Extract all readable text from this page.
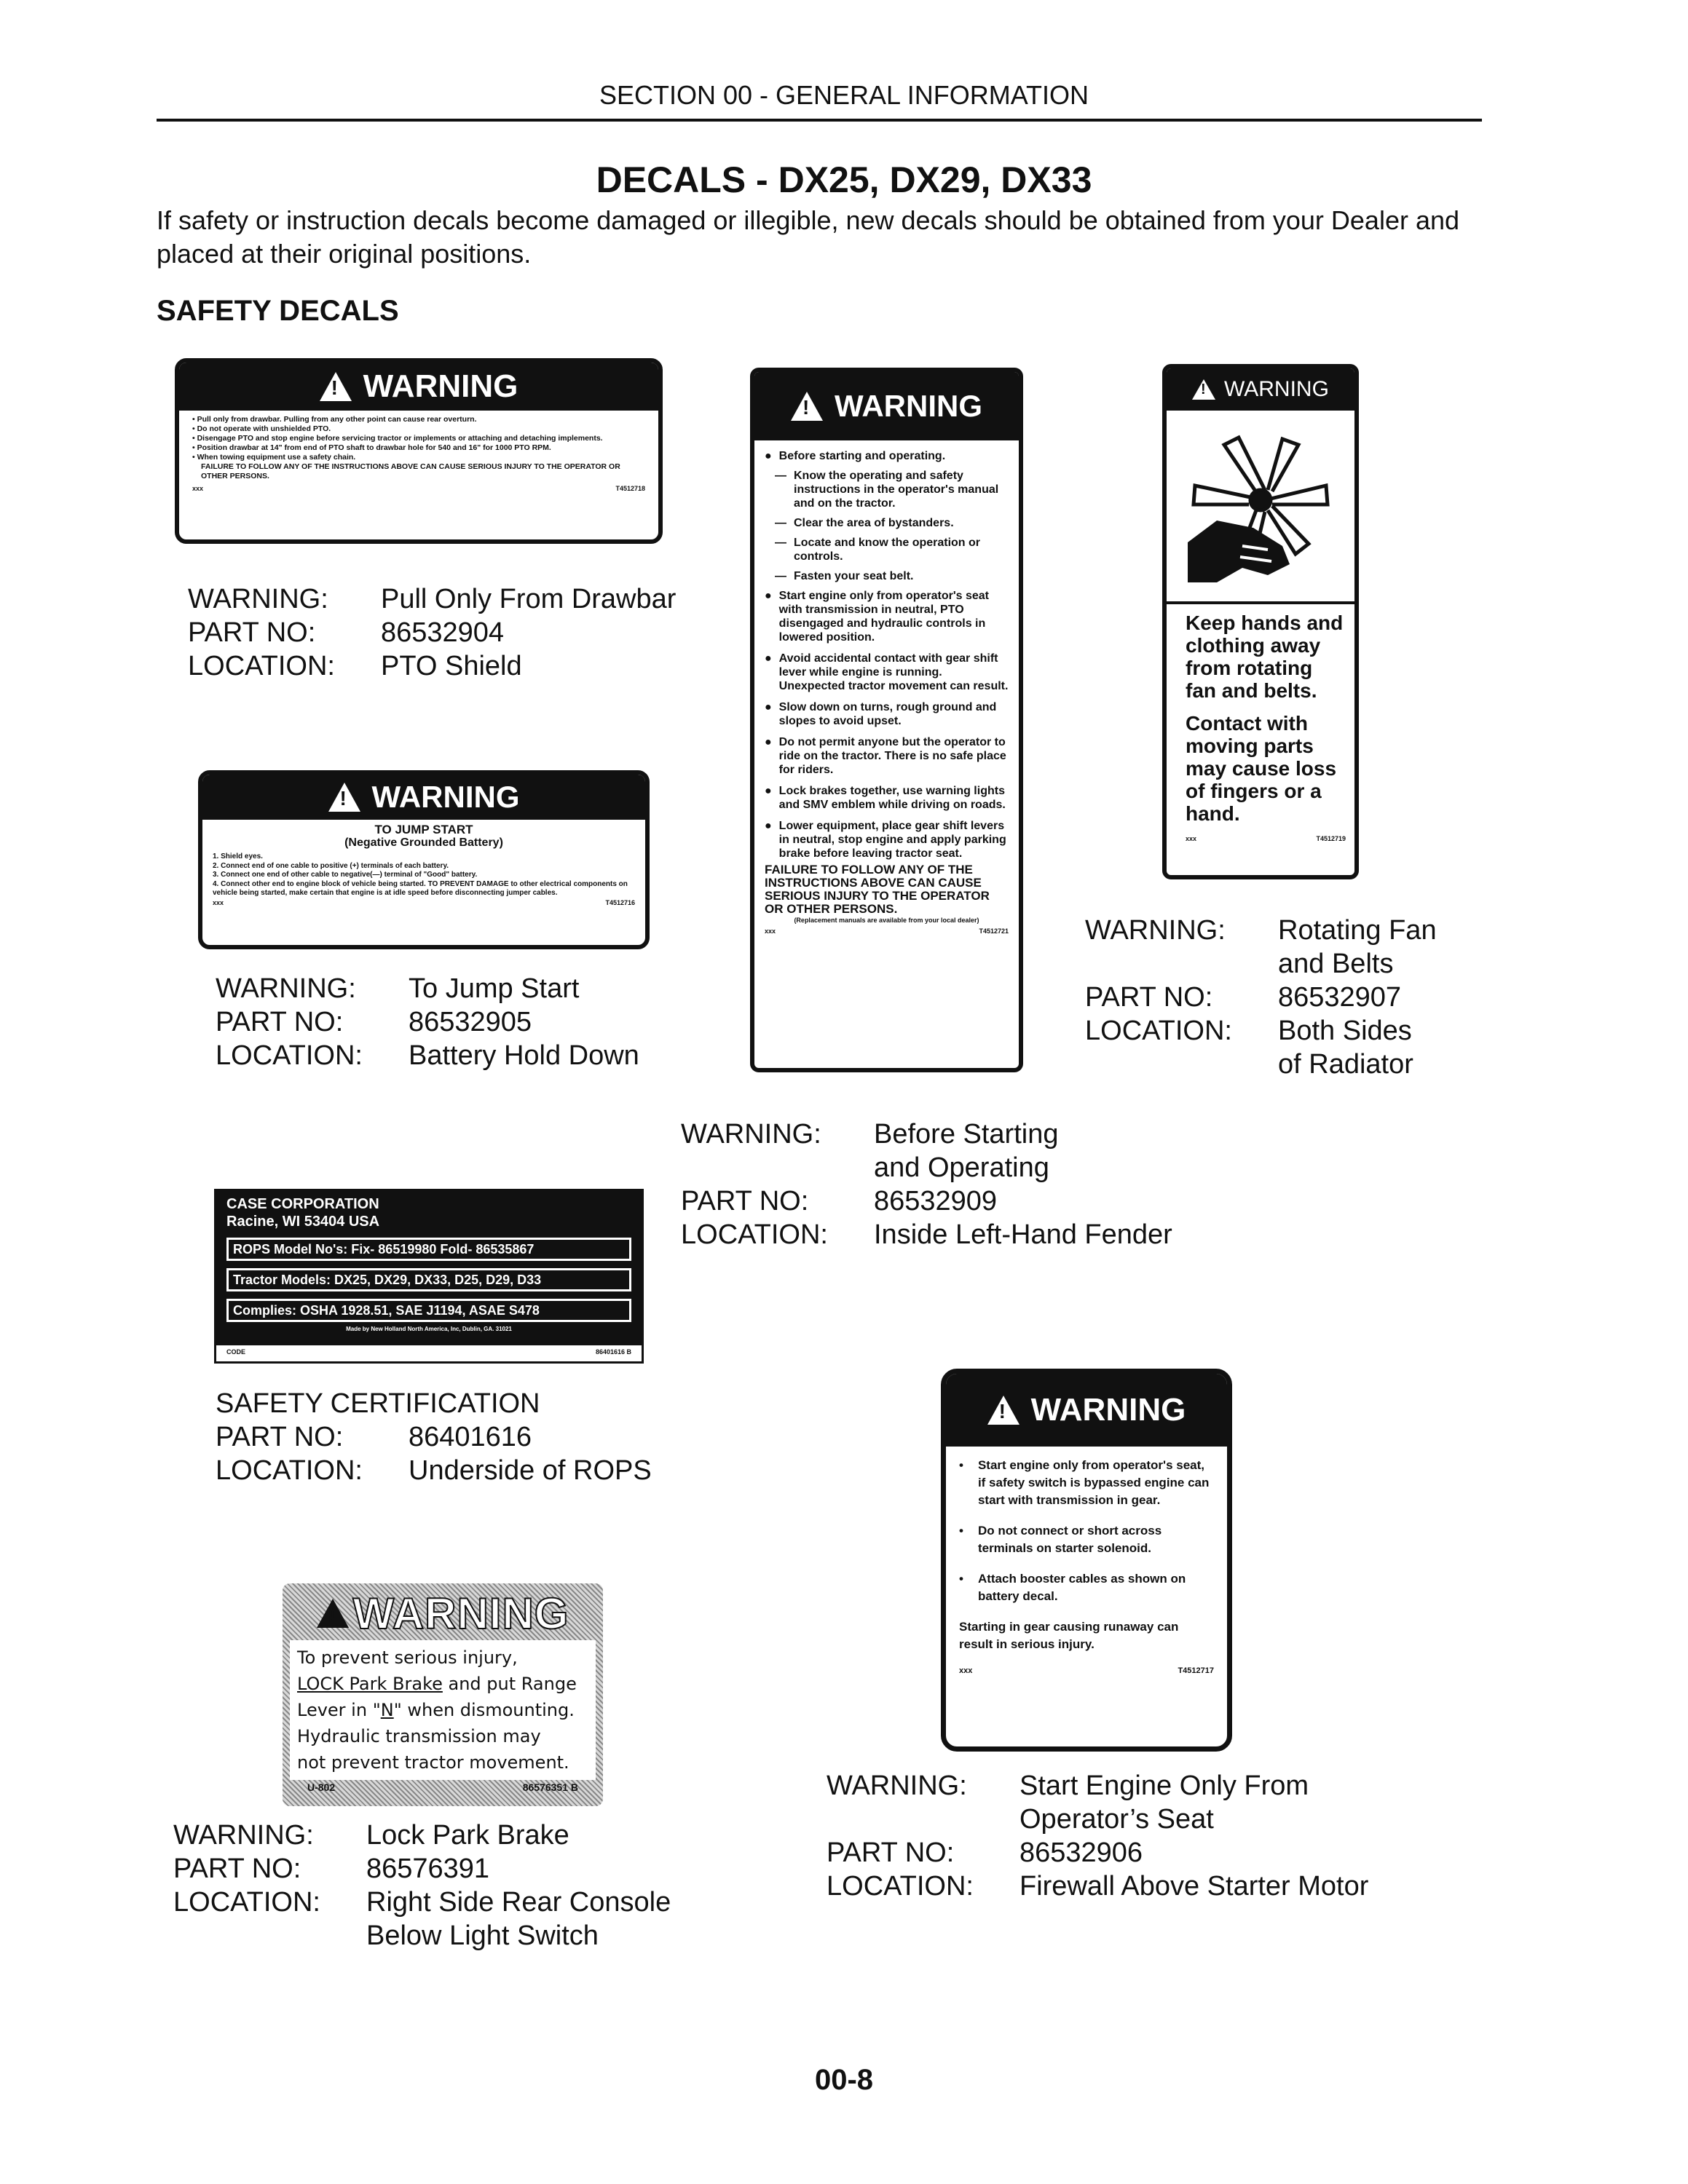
SECTION 00 - GENERAL INFORMATION
DECALS - DX25, DX29, DX33
If safety or instruction decals become damaged or illegible, new decals should be obtained from your Dealer and placed at their original positions.
SAFETY DECALS
!
WARNING

• Pull only from drawbar. Pulling from any other point can cause rear overturn.

• Do not operate with unshielded PTO.

• Disengage PTO and stop engine before servicing tractor or implements or attaching and detaching implements.

• Position drawbar at 14" from end of PTO shaft to drawbar hole for 540 and 16" for 1000 PTO RPM.

• When towing equipment use a safety chain.

FAILURE TO FOLLOW ANY OF THE INSTRUCTIONS ABOVE CAN CAUSE SERIOUS INJURY TO THE OPERATOR OR OTHER PERSONS.

xxx	T4512718
WARNING:	Pull Only From Drawbar
PART NO:	86532904
LOCATION:	PTO Shield
!
WARNING
TO JUMP START
(Negative Grounded Battery)

1. Shield eyes.

2. Connect end of one cable to positive (+) terminals of each battery.

3. Connect one end of other cable to negative(—) terminal of "Good" battery.

4. Connect other end to engine block of vehicle being started. TO PREVENT DAMAGE to other electrical components on vehicle being started, make certain that engine is at idle speed before disconnecting jumper cables.

xxx	T4512716
WARNING:	To Jump Start
PART NO:	86532905
LOCATION:	Battery Hold Down
!
WARNING
● Before starting and operating.
— Know the operating and safety instructions in the operator's manual and on the tractor.
— Clear the area of bystanders.
— Locate and know the operation or controls.
— Fasten your seat belt.
● Start engine only from operator's seat with transmission in neutral, PTO disengaged and hydraulic controls in lowered position.
● Avoid accidental contact with gear shift lever while engine is running. Unexpected tractor movement can result.
● Slow down on turns, rough ground and slopes to avoid upset.
● Do not permit anyone but the operator to ride on the tractor. There is no safe place for riders.
● Lock brakes together, use warning lights and SMV emblem while driving on roads.
● Lower equipment, place gear shift levers in neutral, stop engine and apply parking brake before leaving tractor seat.
FAILURE TO FOLLOW ANY OF THE INSTRUCTIONS ABOVE CAN CAUSE SERIOUS INJURY TO THE OPERATOR OR OTHER PERSONS.
(Replacement manuals are available from your local dealer)
xxx	T4512721
WARNING:	Before Starting
and Operating
PART NO:	86532909
LOCATION:	Inside Left-Hand Fender
!
WARNING

Keep hands and clothing away from rotating fan and belts.

Contact with moving parts may cause loss of fingers or a hand.

xxx	T4512719
WARNING:	Rotating Fan
and Belts
PART NO:	86532907
LOCATION:	Both Sides
of Radiator
CASE CORPORATION
Racine, WI 53404 USA
ROPS Model No's: Fix- 86519980 Fold- 86535867
Tractor Models: DX25, DX29, DX33, D25, D29, D33
Complies: OSHA 1928.51, SAE J1194, ASAE S478
Made by New Holland North America, Inc, Dublin, GA. 31021
CODE	86401616 B
SAFETY CERTIFICATION
PART NO:	86401616
LOCATION:	Underside of ROPS
!
WARNING
To prevent serious injury,
LOCK Park Brake and put Range
Lever in "N" when dismounting.
Hydraulic transmission may
not prevent tractor movement.
U-802	86576351 B
WARNING:	Lock Park Brake
PART NO:	86576391
LOCATION:	Right Side Rear Console
Below Light Switch
!
WARNING
•	Start engine only from operator's seat, if safety switch is bypassed engine can start with transmission in gear.
•	Do not connect or short across terminals on starter solenoid.
•	Attach booster cables as shown on battery decal.
Starting in gear causing runaway can result in serious injury.
xxx	T4512717
WARNING:	Start Engine Only From
Operator’s Seat
PART NO:	86532906
LOCATION:	Firewall Above Starter Motor
00-8
